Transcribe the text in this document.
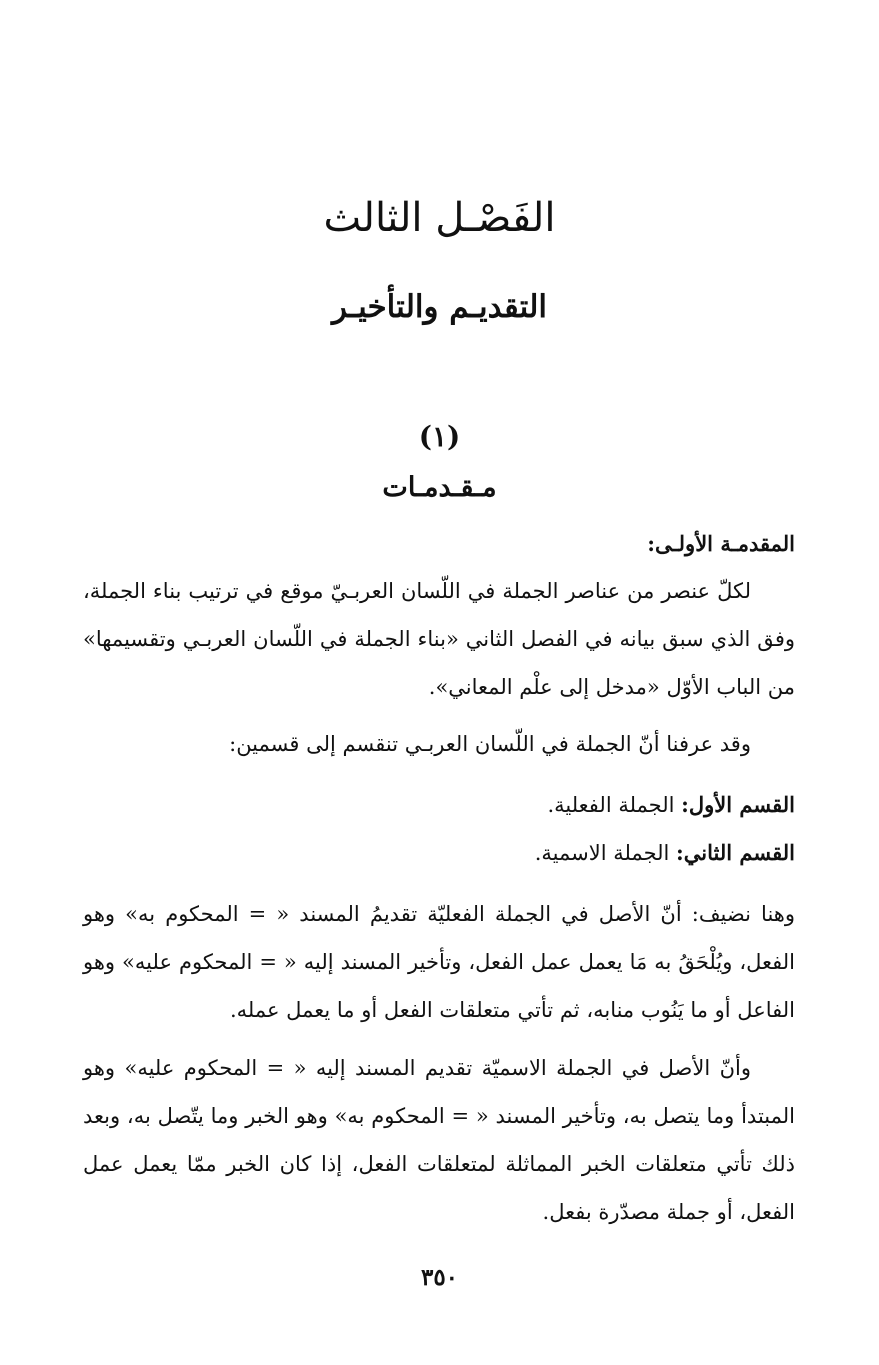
الفَصْـل الثالث
التقديـم والتأخيـر
(١)
مـقـدمـات
المقدمـة الأولـى:
لكلّ عنصر من عناصر الجملة في اللّسان العربـيّ موقع في ترتيب بناء الجملة، وفق الذي سبق بيانه في الفصل الثاني «بناء الجملة في اللّسان العربـي وتقسيمها» من الباب الأوّل «مدخل إلى علْم المعاني».
وقد عرفنا أنّ الجملة في اللّسان العربـي تنقسم إلى قسمين:
القسم الأول: الجملة الفعلية.
القسم الثاني: الجملة الاسمية.
وهنا نضيف: أنّ الأصل في الجملة الفعليّة تقديمُ المسند « = المحكوم به» وهو الفعل، ويُلْحَقُ به مَا يعمل عمل الفعل، وتأخير المسند إليه « = المحكوم عليه» وهو الفاعل أو ما يَنُوب منابه، ثم تأتي متعلقات الفعل أو ما يعمل عمله.
وأنّ الأصل في الجملة الاسميّة تقديم المسند إليه « = المحكوم عليه» وهو المبتدأ وما يتصل به، وتأخير المسند « = المحكوم به» وهو الخبر وما يتّصل به، وبعد ذلك تأتي متعلقات الخبر المماثلة لمتعلقات الفعل، إذا كان الخبر ممّا يعمل عمل الفعل، أو جملة مصدّرة بفعل.
٣٥٠
